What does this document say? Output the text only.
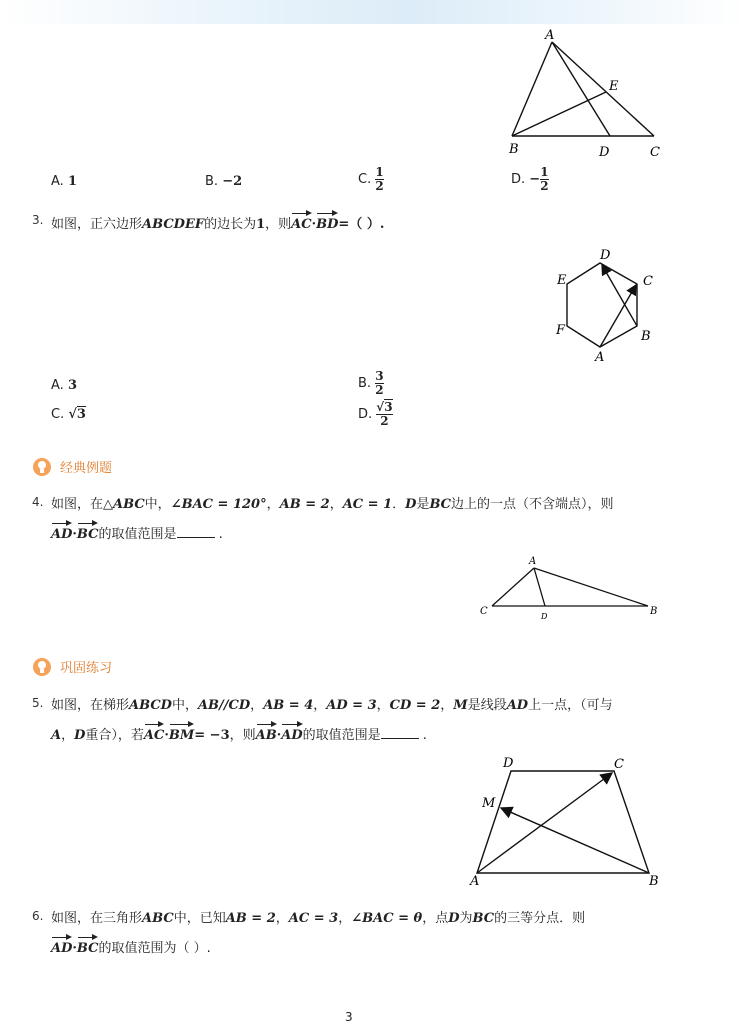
A
E
B	D	C
A. 1	B. −2	C. $\frac{1}{2}$	D. − $\frac{1}{2}$
3. 如图，正六边形ABCDEF的边长为1，则AC·BD=（ ）.
D
C
E
F	B
A
A. 3	B. $\frac{3}{2}$
C. √3	D. $\frac{√3}{2}$
经典例题
4. 如图，在△ABC中，∠BAC = 120°，AB = 2，AC = 1．D是BC边上的一点（不含端点），则
AD·BC的取值范围是	.
A
C	B
D
巩固练习
5. 如图，在梯形ABCD中，AB//CD，AB = 4，AD = 3，CD = 2，M是线段AD上一点，（可与
A，D重合），若AC·BM= −3，则AB·AD的取值范围是	.
D	C
M
A	B
6. 如图，在三角形ABC中，已知AB = 2，AC = 3，∠BAC = θ，点D为BC的三等分点．则
AD·BC的取值范围为（ ）.
3
